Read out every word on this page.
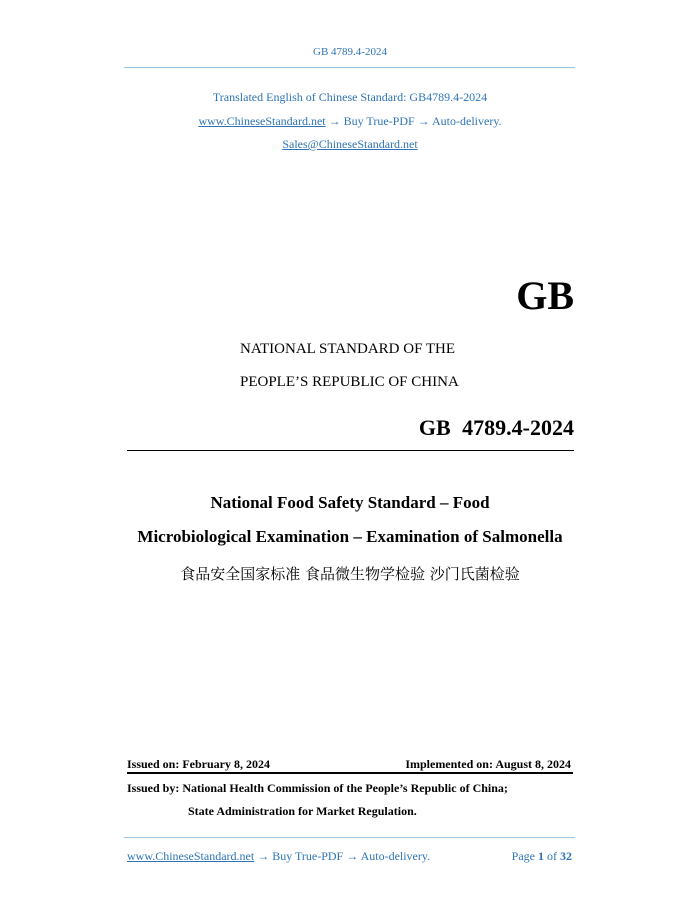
GB 4789.4-2024
Translated English of Chinese Standard: GB4789.4-2024
www.ChineseStandard.net → Buy True-PDF → Auto-delivery.
Sales@ChineseStandard.net
GB
NATIONAL STANDARD OF THE
PEOPLE’S REPUBLIC OF CHINA
GB 4789.4-2024
National Food Safety Standard – Food
Microbiological Examination – Examination of Salmonella
食品安全国家标准 食品微生物学检验 沙门氏菌检验
Issued on: February 8, 2024	Implemented on: August 8, 2024
Issued by: National Health Commission of the People’s Republic of China;
State Administration for Market Regulation.
www.ChineseStandard.net → Buy True-PDF → Auto-delivery.	Page 1 of 32
